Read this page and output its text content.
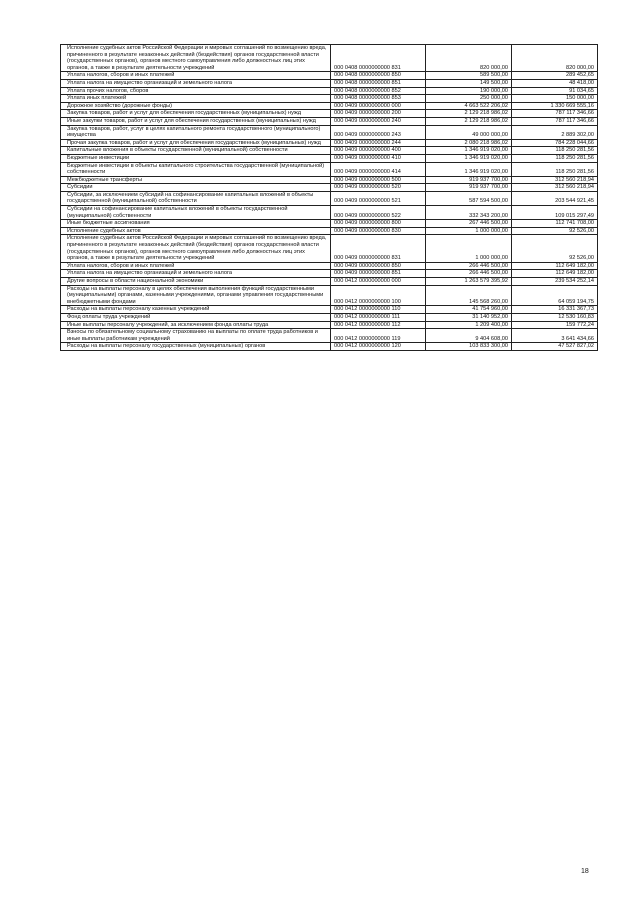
Исполнение судебных актов Российской Федерации и мировых соглашений по возмещению вреда, причиненного в результате незаконных действий (бездействия) органов государственной власти (государственных органов), органов местного самоуправления либо должностных лиц этих органов, а также в результате деятельности учреждений	000 0408 0000000000 831	820 000,00	820 000,00
Уплата налогов, сборов и иных платежей	000 0408 0000000000 850	589 500,00	289 452,65
Уплата налога на имущество организаций и земельного налога	000 0408 0000000000 851	149 500,00	48 418,00
Уплата прочих налогов, сборов	000 0408 0000000000 852	190 000,00	91 034,65
Уплата иных платежей	000 0408 0000000000 853	250 000,00	150 000,00
Дорожное хозяйство (дорожные фонды)	000 0409 0000000000 000	4 663 522 206,02	1 330 669 555,16
Закупка товаров, работ и услуг для обеспечения государственных (муниципальных) нужд	000 0409 0000000000 200	2 129 218 986,02	787 117 346,66
Иные закупки товаров, работ и услуг для обеспечения государственных (муниципальных) нужд	000 0409 0000000000 240	2 129 218 986,02	787 117 346,66
Закупка товаров, работ, услуг в целях капитального ремонта государственного (муниципального) имущества	000 0409 0000000000 243	49 000 000,00	2 889 302,00
Прочая закупка товаров, работ и услуг для обеспечения государственных (муниципальных) нужд	000 0409 0000000000 244	2 080 218 986,02	784 228 044,66
Капитальные вложения в объекты государственной (муниципальной) собственности	000 0409 0000000000 400	1 346 919 020,00	118 250 281,56
Бюджетные инвестиции	000 0409 0000000000 410	1 346 919 020,00	118 250 281,56
Бюджетные инвестиции в объекты капитального строительства государственной (муниципальной) собственности	000 0409 0000000000 414	1 346 919 020,00	118 250 281,56
Межбюджетные трансферты	000 0409 0000000000 500	919 937 700,00	312 560 218,94
Субсидии	000 0409 0000000000 520	919 937 700,00	312 560 218,94
Субсидии, за исключением субсидий на софинансирование капитальных вложений в объекты государственной (муниципальной) собственности	000 0409 0000000000 521	587 594 500,00	203 544 921,45
Субсидии на софинансирование капитальных вложений в объекты государственной (муниципальной) собственности	000 0409 0000000000 522	332 343 200,00	109 015 297,49
Иные бюджетные ассигнования	000 0409 0000000000 800	267 446 500,00	112 741 708,00
Исполнение судебных актов	000 0409 0000000000 830	1 000 000,00	92 526,00
Исполнение судебных актов Российской Федерации и мировых соглашений по возмещению вреда, причиненного в результате незаконных действий (бездействия) органов государственной власти (государственных органов), органов местного самоуправления либо должностных лиц этих органов, а также в результате деятельности учреждений	000 0409 0000000000 831	1 000 000,00	92 526,00
Уплата налогов, сборов и иных платежей	000 0409 0000000000 850	266 446 500,00	112 649 182,00
Уплата налога на имущество организаций и земельного налога	000 0409 0000000000 851	266 446 500,00	112 649 182,00
Другие вопросы в области национальной экономики	000 0412 0000000000 000	1 263 579 395,92	239 534 252,14
Расходы на выплаты персоналу в целях обеспечения выполнения функций государственными (муниципальными) органами, казенными учреждениями, органами управления государственными внебюджетными фондами	000 0412 0000000000 100	145 568 260,00	64 059 194,75
Расходы на выплаты персоналу казенных учреждений	000 0412 0000000000 110	41 754 960,00	16 331 367,73
Фонд оплаты труда учреждений	000 0412 0000000000 111	31 140 952,00	12 530 160,83
Иные выплаты персоналу учреждений, за исключением фонда оплаты труда	000 0412 0000000000 112	1 209 400,00	159 772,24
Взносы по обязательному социальному страхованию на выплаты по оплате труда работников и иные выплаты работникам учреждений	000 0412 0000000000 119	9 404 608,00	3 641 434,66
Расходы на выплаты персоналу государственных (муниципальных) органов	000 0412 0000000000 120	103 833 300,00	47 527 827,02
18
